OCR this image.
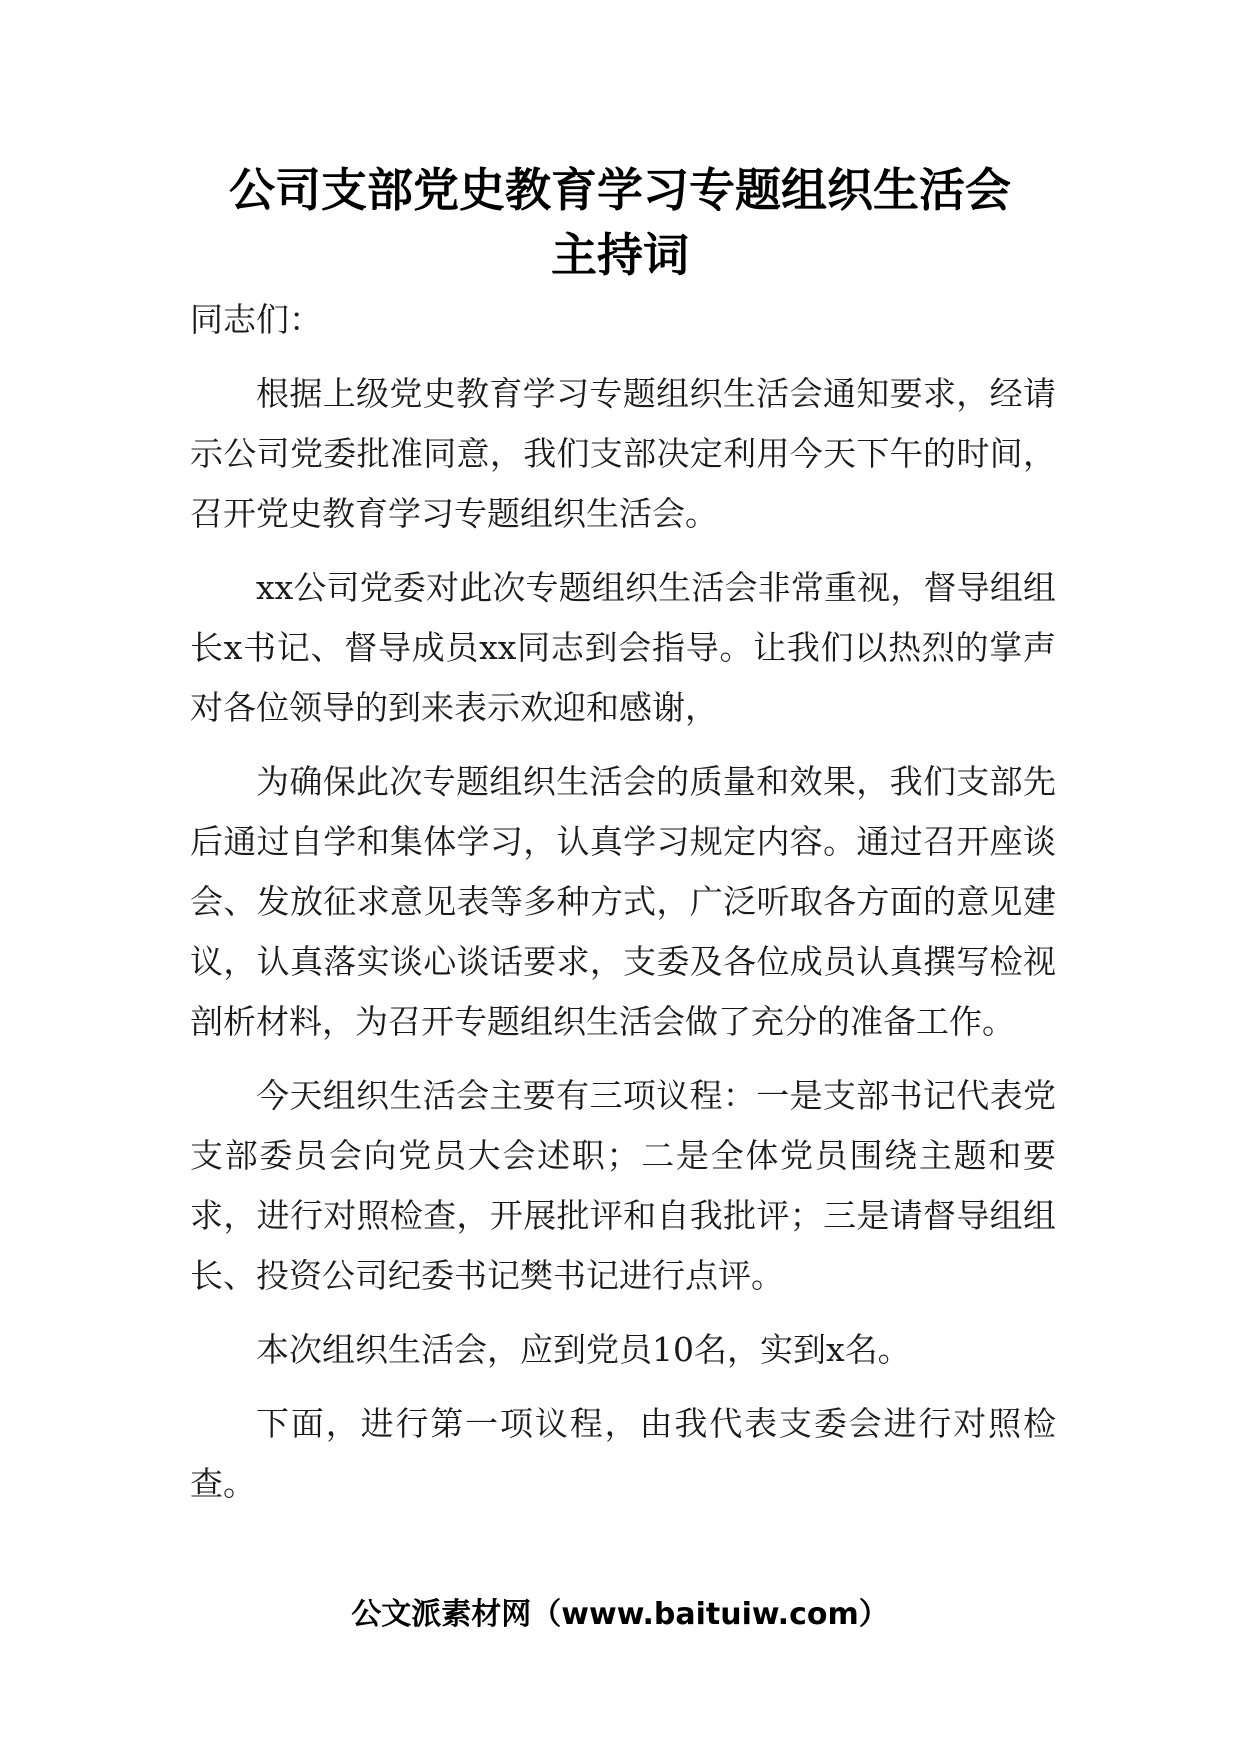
公司支部党史教育学习专题组织生活会
主持词

同志们：

根据上级党史教育学习专题组织生活会通知要求，经请示公司党委批准同意，我们支部决定利用今天下午的时间，召开党史教育学习专题组织生活会。

xx公司党委对此次专题组织生活会非常重视，督导组组长x书记、督导成员xx同志到会指导。让我们以热烈的掌声对各位领导的到来表示欢迎和感谢，

为确保此次专题组织生活会的质量和效果，我们支部先后通过自学和集体学习，认真学习规定内容。通过召开座谈会、发放征求意见表等多种方式，广泛听取各方面的意见建议，认真落实谈心谈话要求，支委及各位成员认真撰写检视剖析材料，为召开专题组织生活会做了充分的准备工作。

今天组织生活会主要有三项议程：一是支部书记代表党支部委员会向党员大会述职；二是全体党员围绕主题和要求，进行对照检查，开展批评和自我批评；三是请督导组组长、投资公司纪委书记樊书记进行点评。

本次组织生活会，应到党员10名，实到x名。

下面，进行第一项议程，由我代表支委会进行对照检查。

公文派素材网（www.baituiw.com）
